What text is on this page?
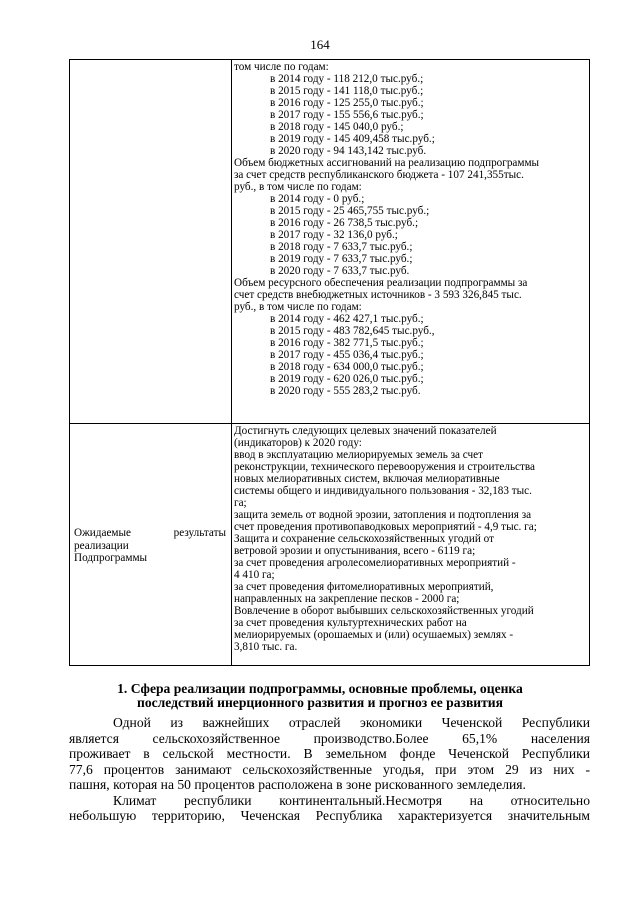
164
том числе по годам:
в 2014 году - 118 212,0 тыс.руб.;
в 2015 году - 141 118,0 тыс.руб.;
в 2016 году - 125 255,0 тыс.руб.;
в 2017 году - 155 556,6 тыс.руб.;
в 2018 году - 145 040,0 руб.;
в 2019 году - 145 409,458 тыс.руб.;
в 2020 году - 94 143,142 тыс.руб.
Объем бюджетных ассигнований на реализацию подпрограммы
за счет средств республиканского бюджета - 107 241,355тыс.
руб., в том числе по годам:
в 2014 году - 0 руб.;
в 2015 году - 25 465,755 тыс.руб.;
в 2016 году - 26 738,5 тыс.руб.;
в 2017 году - 32 136,0 руб.;
в 2018 году - 7 633,7 тыс.руб.;
в 2019 году - 7 633,7 тыс.руб.;
в 2020 году - 7 633,7 тыс.руб.
Объем ресурсного обеспечения реализации подпрограммы за
счет средств внебюджетных источников - 3 593 326,845 тыс.
руб., в том числе по годам:
в 2014 году - 462 427,1 тыс.руб.;
в 2015 году - 483 782,645 тыс.руб.,
в 2016 году - 382 771,5 тыс.руб.;
в 2017 году - 455 036,4 тыс.руб.;
в 2018 году - 634 000,0 тыс.руб.;
в 2019 году - 620 026,0 тыс.руб.;
в 2020 году - 555 283,2 тыс.руб.
Ожидаемые результаты
реализации
Подпрограммы
Достигнуть следующих целевых значений показателей
(индикаторов) к 2020 году:
ввод в эксплуатацию мелиорируемых земель за счет
реконструкции, технического перевооружения и строительства
новых мелиоративных систем, включая мелиоративные
системы общего и индивидуального пользования - 32,183 тыс.
га;
защита земель от водной эрозии, затопления и подтопления за
счет проведения противопаводковых мероприятий - 4,9 тыс. га;
Защита и сохранение сельскохозяйственных угодий от
ветровой эрозии и опустынивания, всего - 6119 га;
за счет проведения агролесомелиоративных мероприятий -
4 410 га;
за счет проведения фитомелиоративных мероприятий,
направленных на закрепление песков - 2000 га;
Вовлечение в оборот выбывших сельскохозяйственных угодий
за счет проведения культуртехнических работ на
мелиорируемых (орошаемых и (или) осушаемых) землях -
3,810 тыс. га.
1. Сфера реализации подпрограммы, основные проблемы, оценка
последствий инерционного развития и прогноз ее развития
Одной из важнейших отраслей экономики Чеченской Республики
является сельскохозяйственное производство.Более 65,1% населения
проживает в сельской местности. В земельном фонде Чеченской Республики
77,6 процентов занимают сельскохозяйственные угодья, при этом 29 из них -
пашня, которая на 50 процентов расположена в зоне рискованного земледелия.
Климат республики континентальный.Несмотря на относительно
небольшую территорию, Чеченская Республика характеризуется значительным
